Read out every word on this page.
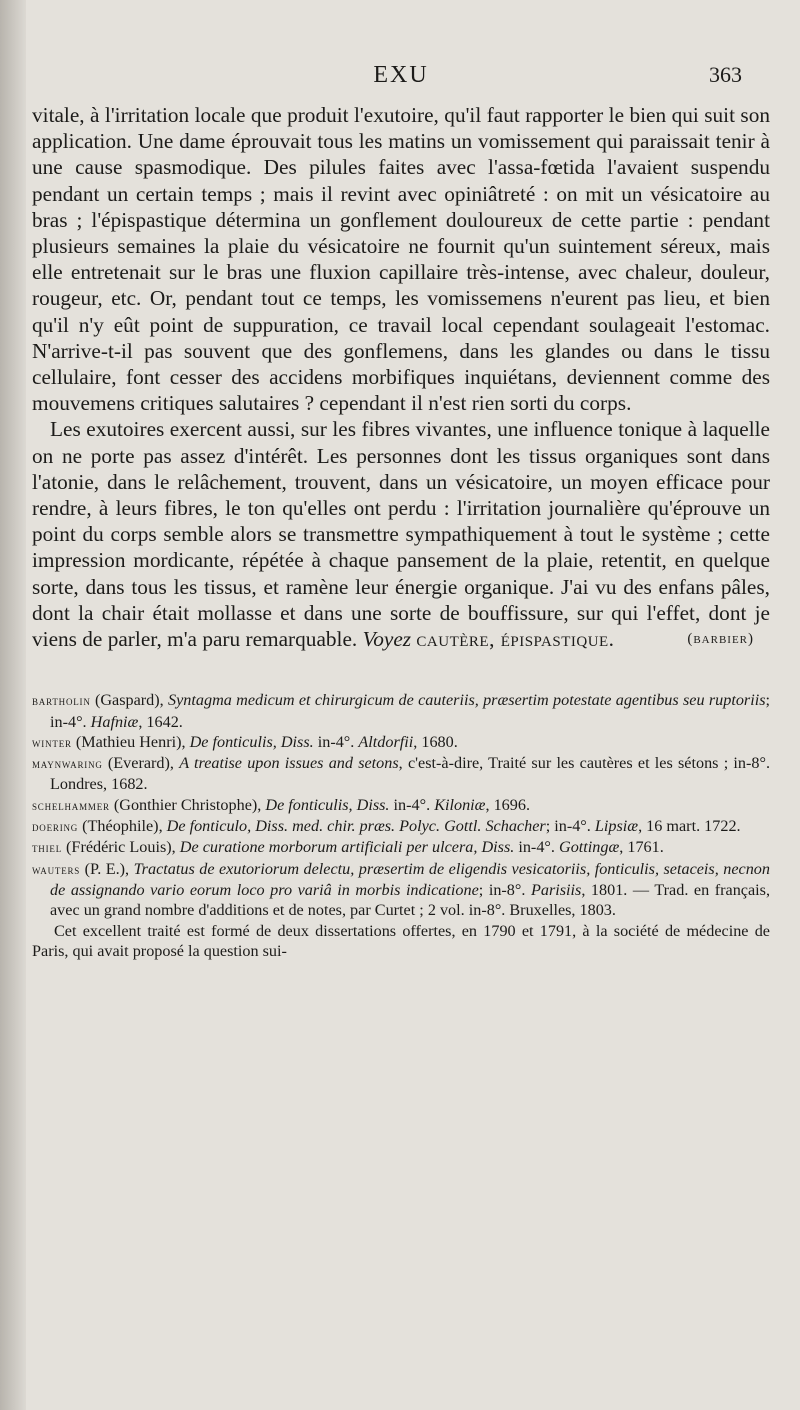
EXU	363

vitale, à l'irritation locale que produit l'exutoire, qu'il faut rapporter le bien qui suit son application. Une dame éprouvait tous les matins un vomissement qui paraissait tenir à une cause spasmodique. Des pilules faites avec l'assa-fœtida l'avaient suspendu pendant un certain temps ; mais il revint avec opiniâtreté : on mit un vésicatoire au bras ; l'épispastique détermina un gonflement douloureux de cette partie : pendant plusieurs semaines la plaie du vésicatoire ne fournit qu'un suintement séreux, mais elle entretenait sur le bras une fluxion capillaire très-intense, avec chaleur, douleur, rougeur, etc. Or, pendant tout ce temps, les vomissemens n'eurent pas lieu, et bien qu'il n'y eût point de suppuration, ce travail local cependant soulageait l'estomac. N'arrive-t-il pas souvent que des gonflemens, dans les glandes ou dans le tissu cellulaire, font cesser des accidens morbifiques inquiétans, deviennent comme des mouvemens critiques salutaires ? cependant il n'est rien sorti du corps.

Les exutoires exercent aussi, sur les fibres vivantes, une influence tonique à laquelle on ne porte pas assez d'intérêt. Les personnes dont les tissus organiques sont dans l'atonie, dans le relâchement, trouvent, dans un vésicatoire, un moyen efficace pour rendre, à leurs fibres, le ton qu'elles ont perdu : l'irritation journalière qu'éprouve un point du corps semble alors se transmettre sympathiquement à tout le système ; cette impression mordicante, répétée à chaque pansement de la plaie, retentit, en quelque sorte, dans tous les tissus, et ramène leur énergie organique. J'ai vu des enfans pâles, dont la chair était mollasse et dans une sorte de bouffissure, sur qui l'effet, dont je viens de parler, m'a paru remarquable. Voyez cautère, épispastique.	(barbier)

bartholin (Gaspard), Syntagma medicum et chirurgicum de cauteriis, præsertim potestate agentibus seu ruptoriis; in-4°. Hafniæ, 1642.

winter (Mathieu Henri), De fonticulis, Diss. in-4°. Altdorfii, 1680.

maynwaring (Everard), A treatise upon issues and setons, c'est-à-dire, Traité sur les cautères et les sétons ; in-8°. Londres, 1682.

schelhammer (Gonthier Christophe), De fonticulis, Diss. in-4°. Kiloniæ, 1696.

doering (Théophile), De fonticulo, Diss. med. chir. præs. Polyc. Gottl. Schacher; in-4°. Lipsiæ, 16 mart. 1722.

thiel (Frédéric Louis), De curatione morborum artificiali per ulcera, Diss. in-4°. Gottingæ, 1761.

wauters (P. E.), Tractatus de exutoriorum delectu, præsertim de eligendis vesicatoriis, fonticulis, setaceis, necnon de assignando vario eorum loco pro variâ in morbis indicatione; in-8°. Parisiis, 1801. — Trad. en français, avec un grand nombre d'additions et de notes, par Curtet ; 2 vol. in-8°. Bruxelles, 1803.

Cet excellent traité est formé de deux dissertations offertes, en 1790 et 1791, à la société de médecine de Paris, qui avait proposé la question sui-
